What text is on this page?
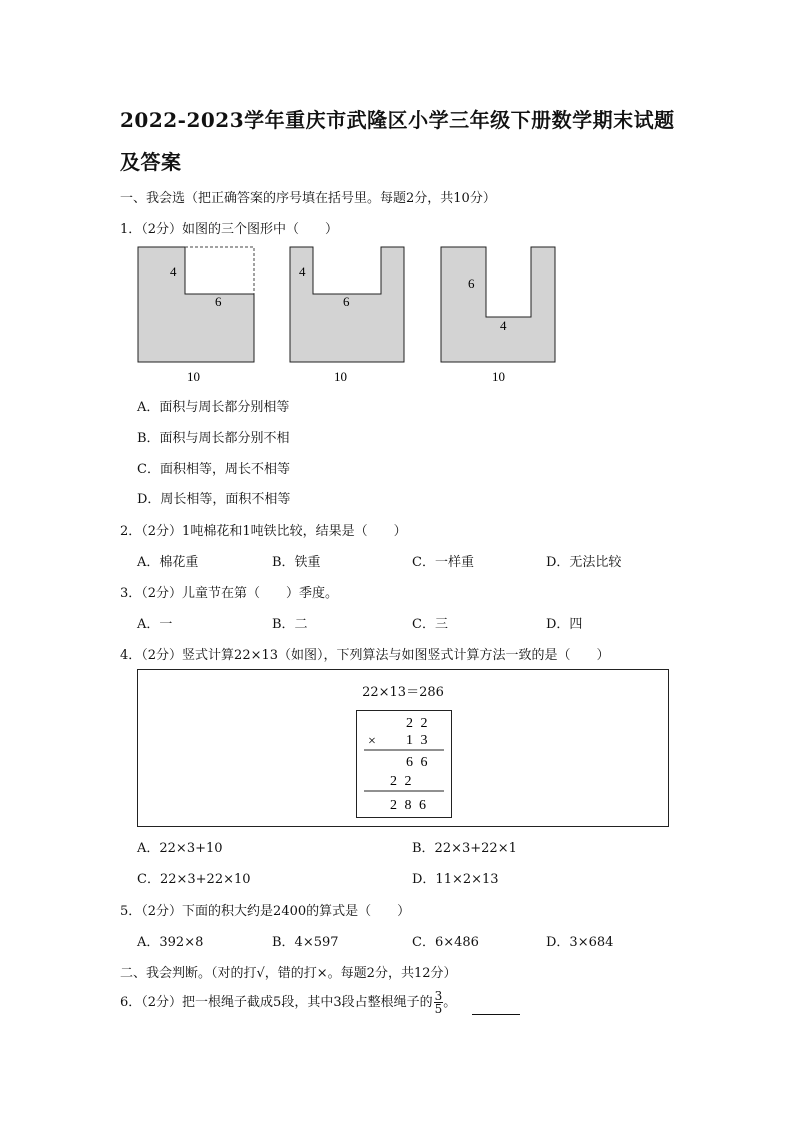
2022-2023学年重庆市武隆区小学三年级下册数学期末试题
及答案
一、我会选（把正确答案的序号填在括号里。每题2分，共10分）
1．（2分）如图的三个图形中（　　）
4
6
10
4
6
10
6
4
10
A．面积与周长都分别相等
B．面积与周长都分别不相
C．面积相等，周长不相等
D．周长相等，面积不相等
2．（2分）1吨棉花和1吨铁比较，结果是（　　）
A．棉花重	B．铁重	C．一样重	D．无法比较
3．（2分）儿童节在第（　　）季度。
A．一	B．二	C．三	D．四
4．（2分）竖式计算22×13（如图），下列算法与如图竖式计算方法一致的是（　　）
22×13＝286
2 2
× 1 3
6 6
2 2
2 8 6
A．22×3+10	B．22×3+22×1
C．22×3+22×10	D．11×2×13
5．（2分）下面的积大约是2400的算式是（　　）
A．392×8	B．4×597	C．6×486	D．3×684
二、我会判断。（对的打√，错的打×。每题2分，共12分）
6．（2分）把一根绳子截成5段，其中3段占整根绳子的 $\frac{3}{5}$ 。
